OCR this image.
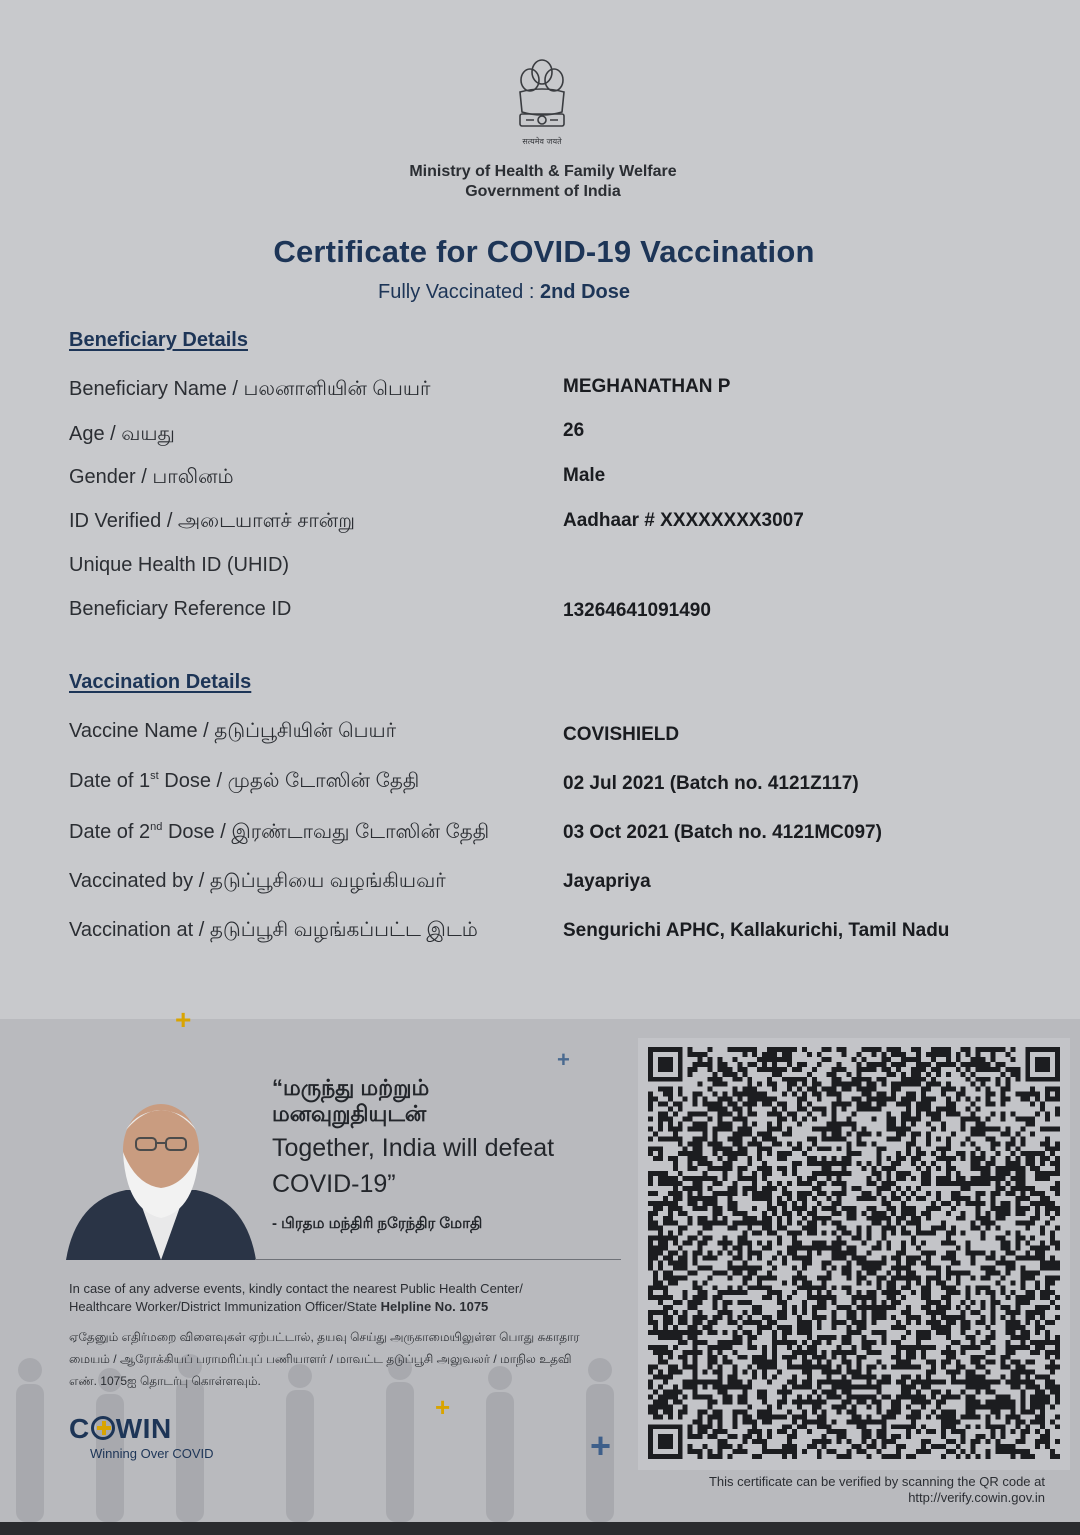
सत्यमेव जयते
Ministry of Health & Family Welfare
Government of India
Certificate for COVID-19 Vaccination
Fully Vaccinated : 2nd Dose
Beneficiary Details
Beneficiary Name / பலனாளியின் பெயர்	MEGHANATHAN P
Age / வயது	26
Gender / பாலினம்	Male
ID Verified / அடையாளச் சான்று	Aadhaar # XXXXXXXX3007
Unique Health ID (UHID)
Beneficiary Reference ID	13264641091490
Vaccination Details
Vaccine Name / தடுப்பூசியின் பெயர்	COVISHIELD
Date of 1st Dose / முதல் டோஸின் தேதி	02 Jul 2021 (Batch no. 4121Z117)
Date of 2nd Dose / இரண்டாவது டோஸின் தேதி	03 Oct 2021 (Batch no. 4121MC097)
Vaccinated by / தடுப்பூசியை வழங்கியவர்	Jayapriya
Vaccination at / தடுப்பூசி வழங்கப்பட்ட இடம்	Sengurichi APHC, Kallakurichi, Tamil Nadu
+
+
+
+
“மருந்து மற்றும் மனவுறுதியுடன்
Together, India will defeat COVID-19”
- பிரதம மந்திரி நரேந்திர மோதி
In case of any adverse events, kindly contact the nearest Public Health Center/ Healthcare Worker/District Immunization Officer/State Helpline No. 1075
ஏதேனும் எதிர்மறை விளைவுகள் ஏற்பட்டால், தயவு செய்து அருகாமையிலுள்ள பொது சுகாதார மையம் / ஆரோக்கியப் பராமரிப்புப் பணியாளர் / மாவட்ட தடுப்பூசி அலுவலர் / மாநில உதவி எண். 1075ஐ தொடர்பு கொள்ளவும்.
C WIN
Winning Over COVID
This certificate can be verified by scanning the QR code at
http://verify.cowin.gov.in
